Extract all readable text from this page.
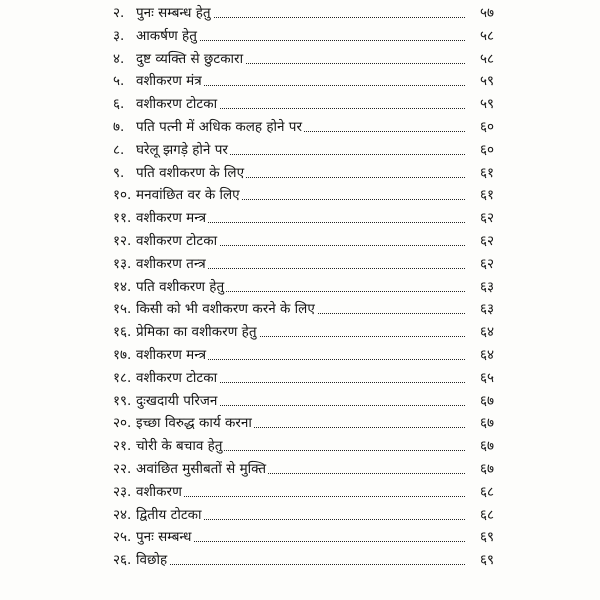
२. पुनः सम्बन्ध हेतु	५७
३. आकर्षण हेतु	५८
४. दुष्ट व्यक्ति से छुटकारा	५८
५. वशीकरण मंत्र	५९
६. वशीकरण टोटका	५९
७. पति पत्नी में अधिक कलह होने पर	६०
८. घरेलू झगड़े होने पर	६०
९. पति वशीकरण के लिए	६१
१०. मनवांछित वर के लिए	६१
११. वशीकरण मन्त्र	६२
१२. वशीकरण टोटका	६२
१३. वशीकरण तन्त्र	६२
१४. पति वशीकरण हेतु	६३
१५. किसी को भी वशीकरण करने के लिए	६३
१६. प्रेमिका का वशीकरण हेतु	६४
१७. वशीकरण मन्त्र	६४
१८. वशीकरण टोटका	६५
१९. दुःखदायी परिजन	६७
२०. इच्छा विरुद्ध कार्य करना	६७
२१. चोरी के बचाव हेतु	६७
२२. अवांछित मुसीबतों से मुक्ति	६७
२३. वशीकरण	६८
२४. द्वितीय टोटका	६८
२५. पुनः सम्बन्ध	६९
२६. विछोह	६९
